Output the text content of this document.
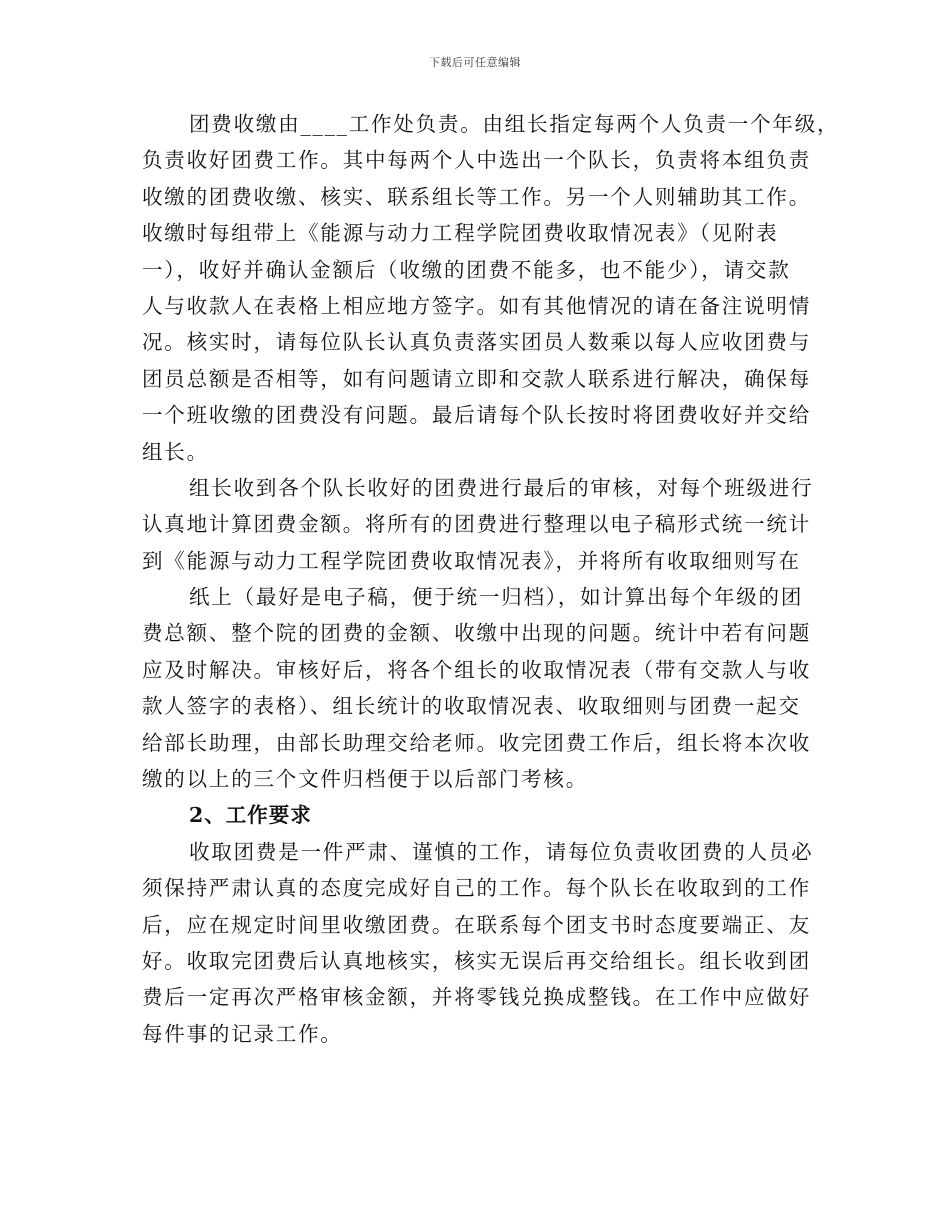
下载后可任意编辑
团费收缴由____工作处负责。由组长指定每两个人负责一个年级，
负责收好团费工作。其中每两个人中选出一个队长，负责将本组负责
收缴的团费收缴、核实、联系组长等工作。另一个人则辅助其工作。
收缴时每组带上《能源与动力工程学院团费收取情况表》（见附表
一），收好并确认金额后（收缴的团费不能多，也不能少），请交款
人与收款人在表格上相应地方签字。如有其他情况的请在备注说明情
况。核实时，请每位队长认真负责落实团员人数乘以每人应收团费与
团员总额是否相等，如有问题请立即和交款人联系进行解决，确保每
一个班收缴的团费没有问题。最后请每个队长按时将团费收好并交给
组长。
组长收到各个队长收好的团费进行最后的审核，对每个班级进行
认真地计算团费金额。将所有的团费进行整理以电子稿形式统一统计
到《能源与动力工程学院团费收取情况表》，并将所有收取细则写在
纸上（最好是电子稿，便于统一归档），如计算出每个年级的团
费总额、整个院的团费的金额、收缴中出现的问题。统计中若有问题
应及时解决。审核好后，将各个组长的收取情况表（带有交款人与收
款人签字的表格）、组长统计的收取情况表、收取细则与团费一起交
给部长助理，由部长助理交给老师。收完团费工作后，组长将本次收
缴的以上的三个文件归档便于以后部门考核。
2、工作要求
收取团费是一件严肃、谨慎的工作，请每位负责收团费的人员必
须保持严肃认真的态度完成好自己的工作。每个队长在收取到的工作
后，应在规定时间里收缴团费。在联系每个团支书时态度要端正、友
好。收取完团费后认真地核实，核实无误后再交给组长。组长收到团
费后一定再次严格审核金额，并将零钱兑换成整钱。在工作中应做好
每件事的记录工作。
